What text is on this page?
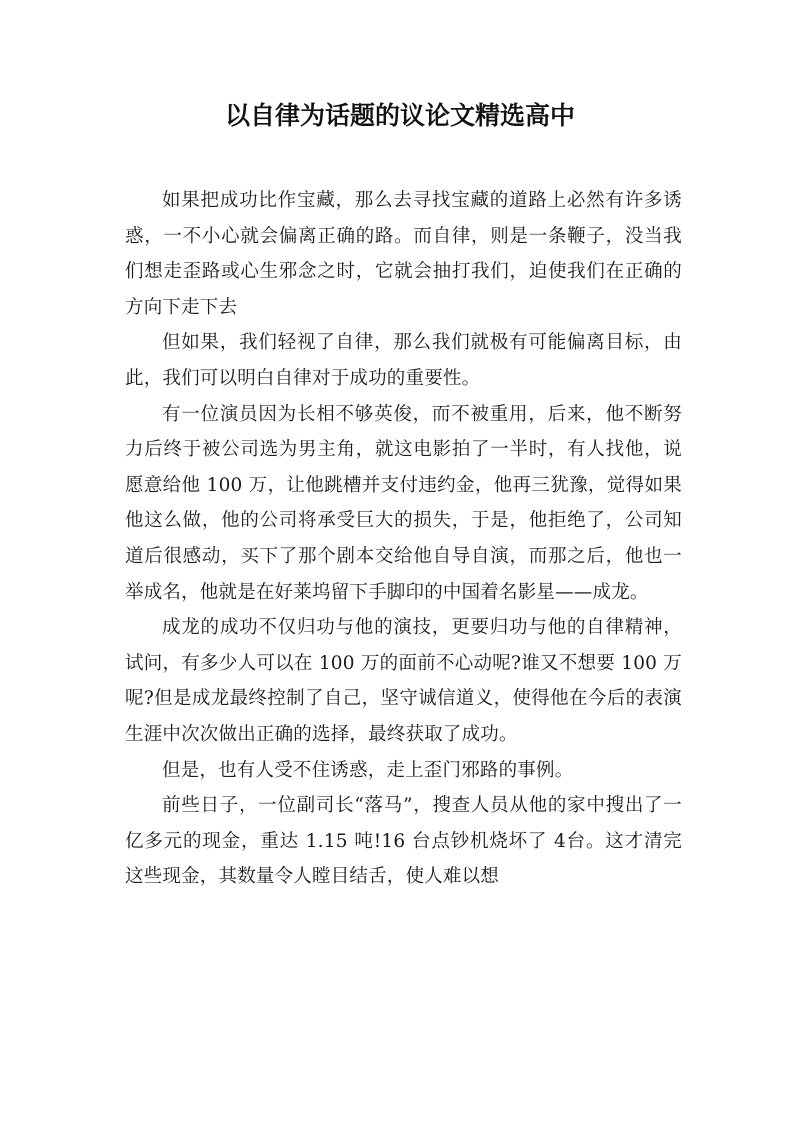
以自律为话题的议论文精选高中

如果把成功比作宝藏，那么去寻找宝藏的道路上必然有许多诱惑，一不小心就会偏离正确的路。而自律，则是一条鞭子，没当我们想走歪路或心生邪念之时，它就会抽打我们，迫使我们在正确的方向下走下去

但如果，我们轻视了自律，那么我们就极有可能偏离目标，由此，我们可以明白自律对于成功的重要性。

有一位演员因为长相不够英俊，而不被重用，后来，他不断努力后终于被公司选为男主角，就这电影拍了一半时，有人找他，说愿意给他 100 万，让他跳槽并支付违约金，他再三犹豫，觉得如果他这么做，他的公司将承受巨大的损失，于是，他拒绝了，公司知道后很感动，买下了那个剧本交给他自导自演，而那之后，他也一举成名，他就是在好莱坞留下手脚印的中国着名影星——成龙。

成龙的成功不仅归功与他的演技，更要归功与他的自律精神，试问，有多少人可以在 100 万的面前不心动呢?谁又不想要 100 万呢?但是成龙最终控制了自己，坚守诚信道义，使得他在今后的表演生涯中次次做出正确的选择，最终获取了成功。

但是，也有人受不住诱惑，走上歪门邪路的事例。

前些日子，一位副司长“落马”，搜查人员从他的家中搜出了一亿多元的现金，重达 1.15 吨!16 台点钞机烧坏了 4台。这才清完这些现金，其数量令人瞠目结舌，使人难以想
